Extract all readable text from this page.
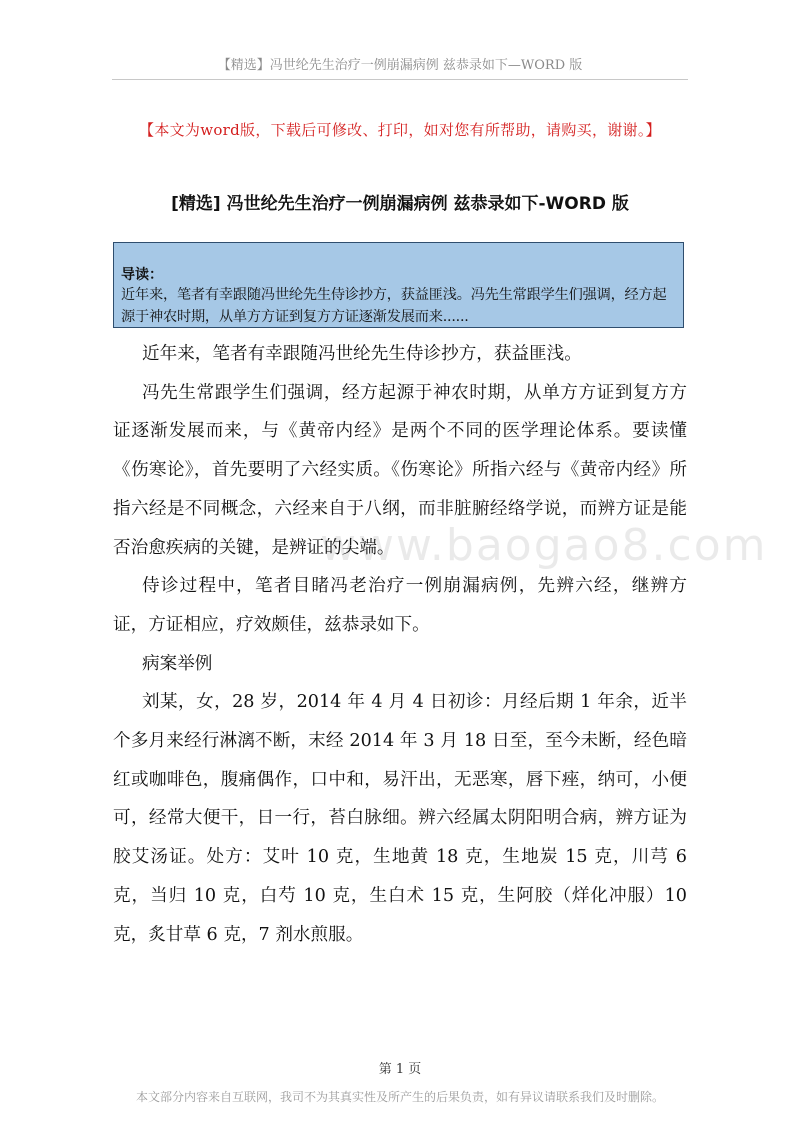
【精选】冯世纶先生治疗一例崩漏病例 兹恭录如下—WORD 版
【本文为word版，下载后可修改、打印，如对您有所帮助，请购买，谢谢。】
[精选] 冯世纶先生治疗一例崩漏病例 兹恭录如下-WORD 版
导读：
近年来，笔者有幸跟随冯世纶先生侍诊抄方，获益匪浅。冯先生常跟学生们强调，经方起源于神农时期，从单方方证到复方方证逐渐发展而来......
www.baogao8.com

近年来，笔者有幸跟随冯世纶先生侍诊抄方，获益匪浅。

冯先生常跟学生们强调，经方起源于神农时期，从单方方证到复方方证逐渐发展而来，与《黄帝内经》是两个不同的医学理论体系。要读懂《伤寒论》，首先要明了六经实质。《伤寒论》所指六经与《黄帝内经》所指六经是不同概念，六经来自于八纲，而非脏腑经络学说，而辨方证是能否治愈疾病的关键，是辨证的尖端。

侍诊过程中，笔者目睹冯老治疗一例崩漏病例，先辨六经，继辨方证，方证相应，疗效颇佳，兹恭录如下。

病案举例

刘某，女，28 岁，2014 年 4 月 4 日初诊：月经后期 1 年余，近半个多月来经行淋漓不断，末经 2014 年 3 月 18 日至，至今未断，经色暗红或咖啡色，腹痛偶作，口中和，易汗出，无恶寒，唇下痤，纳可，小便可，经常大便干，日一行，苔白脉细。辨六经属太阴阳明合病，辨方证为胶艾汤证。处方：艾叶 10 克，生地黄 18 克，生地炭 15 克，川芎 6 克，当归 10 克，白芍 10 克，生白术 15 克，生阿胶（烊化冲服）10 克，炙甘草 6 克，7 剂水煎服。

第 1 页
本文部分内容来自互联网，我司不为其真实性及所产生的后果负责，如有异议请联系我们及时删除。
